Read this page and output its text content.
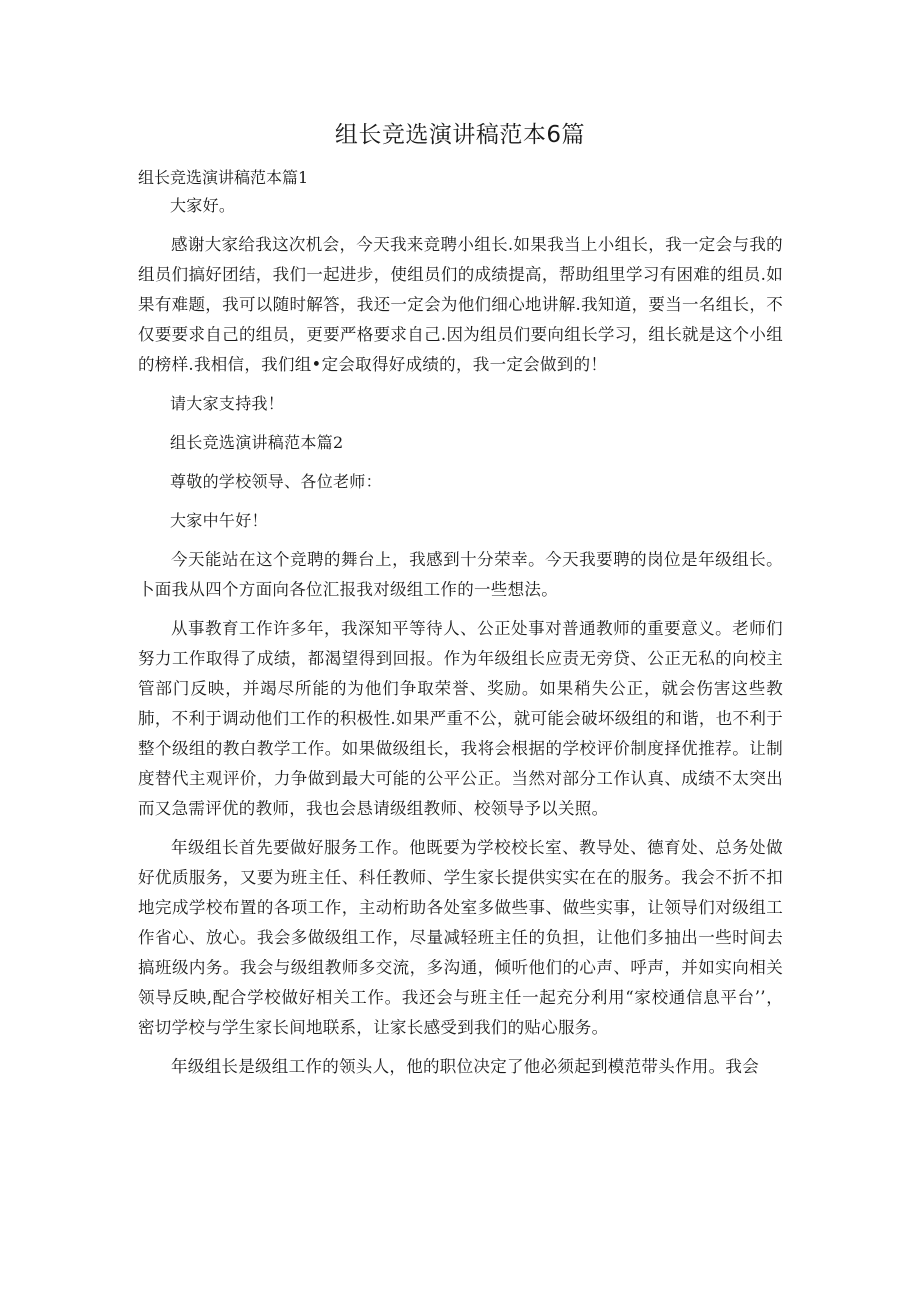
组长竞选演讲稿范本6篇
组长竞选演讲稿范本篇1

大家好。

感谢大家给我这次机会，今天我来竞聘小组长.如果我当上小组长，我一定会与我的组员们搞好团结，我们一起进步，使组员们的成绩提高，帮助组里学习有困难的组员.如果有难题，我可以随时解答，我还一定会为他们细心地讲解.我知道，要当一名组长，不仅要要求自己的组员，更要严格要求自己.因为组员们要向组长学习，组长就是这个小组的榜样.我相信，我们组•定会取得好成绩的，我一定会做到的！

请大家支持我！

组长竞选演讲稿范本篇2

尊敬的学校领导、各位老师：

大家中午好！

今天能站在这个竞聘的舞台上，我感到十分荣幸。今天我要聘的岗位是年级组长。卜面我从四个方面向各位汇报我对级组工作的一些想法。

从事教育工作许多年，我深知平等待人、公正处事对普通教师的重要意义。老师们努力工作取得了成绩，都渴望得到回报。作为年级组长应责无旁贷、公正无私的向校主管部门反映，并竭尽所能的为他们争取荣誉、奖励。如果稍失公正，就会伤害这些教肺，不利于调动他们工作的积极性.如果严重不公，就可能会破坏级组的和谐，也不利于整个级组的教白教学工作。如果做级组长，我将会根据的学校评价制度择优推荐。让制度替代主观评价，力争做到最大可能的公平公正。当然对部分工作认真、成绩不太突出而又急需评优的教师，我也会恳请级组教师、校领导予以关照。

年级组长首先要做好服务工作。他既要为学校校长室、教导处、德育处、总务处做好优质服务，又要为班主任、科任教师、学生家长提供实实在在的服务。我会不折不扣地完成学校布置的各项工作，主动桁助各处室多做些事、做些实事，让领导们对级组工作省心、放心。我会多做级组工作，尽量减轻班主任的负担，让他们多抽出一些时间去搞班级内务。我会与级组教师多交流，多沟通，倾听他们的心声、呼声，并如实向相关领导反映,配合学校做好相关工作。我还会与班主任一起充分利用“家校通信息平台’’，密切学校与学生家长间地联系，让家长感受到我们的贴心服务。

年级组长是级组工作的领头人，他的职位决定了他必须起到模范带头作用。我会
